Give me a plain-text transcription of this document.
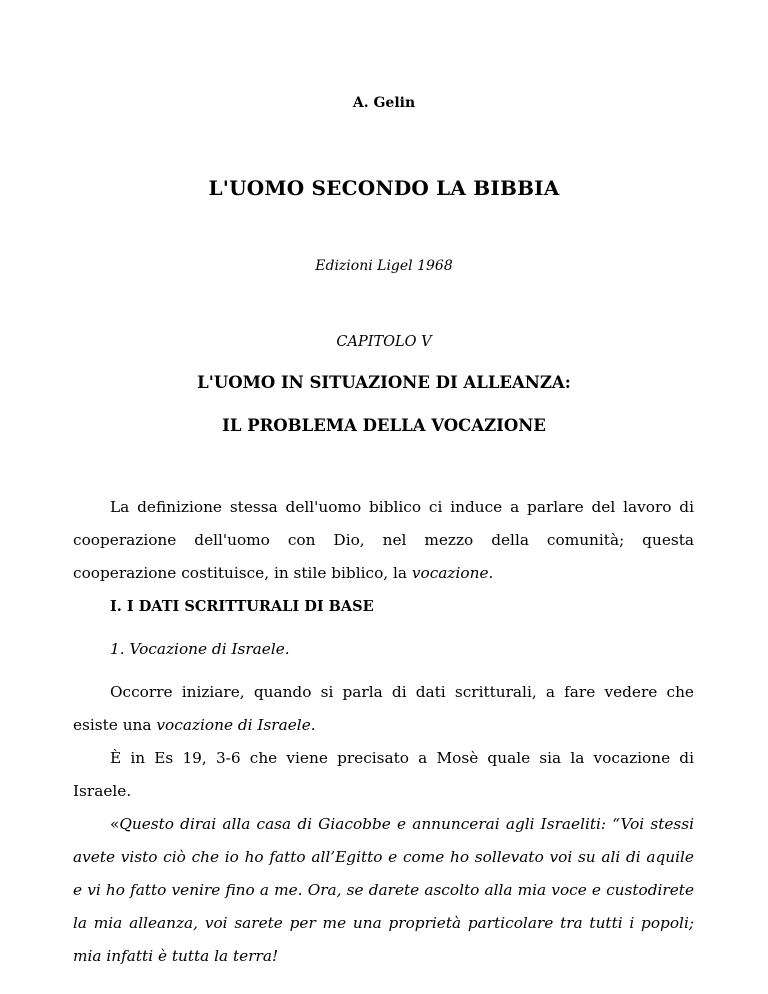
A. Gelin
L'UOMO SECONDO LA BIBBIA
Edizioni Ligel 1968
CAPITOLO V
L'UOMO IN SITUAZIONE DI ALLEANZA:
IL PROBLEMA DELLA VOCAZIONE
La definizione stessa dell'uomo biblico ci induce a parlare del lavoro di cooperazione dell'uomo con Dio, nel mezzo della comunità; questa cooperazione costituisce, in stile biblico, la vocazione.
I. I DATI SCRITTURALI DI BASE
1. Vocazione di Israele.
Occorre iniziare, quando si parla di dati scritturali, a fare vedere che esiste una vocazione di Israele.
È in Es 19, 3-6 che viene precisato a Mosè quale sia la vocazione di Israele.
«Questo dirai alla casa di Giacobbe e annuncerai agli Israeliti: “Voi stessi avete visto ciò che io ho fatto all’Egitto e come ho sollevato voi su ali di aquile e vi ho fatto venire fino a me. Ora, se darete ascolto alla mia voce e custodirete la mia alleanza, voi sarete per me una proprietà particolare tra tutti i popoli; mia infatti è tutta la terra!
